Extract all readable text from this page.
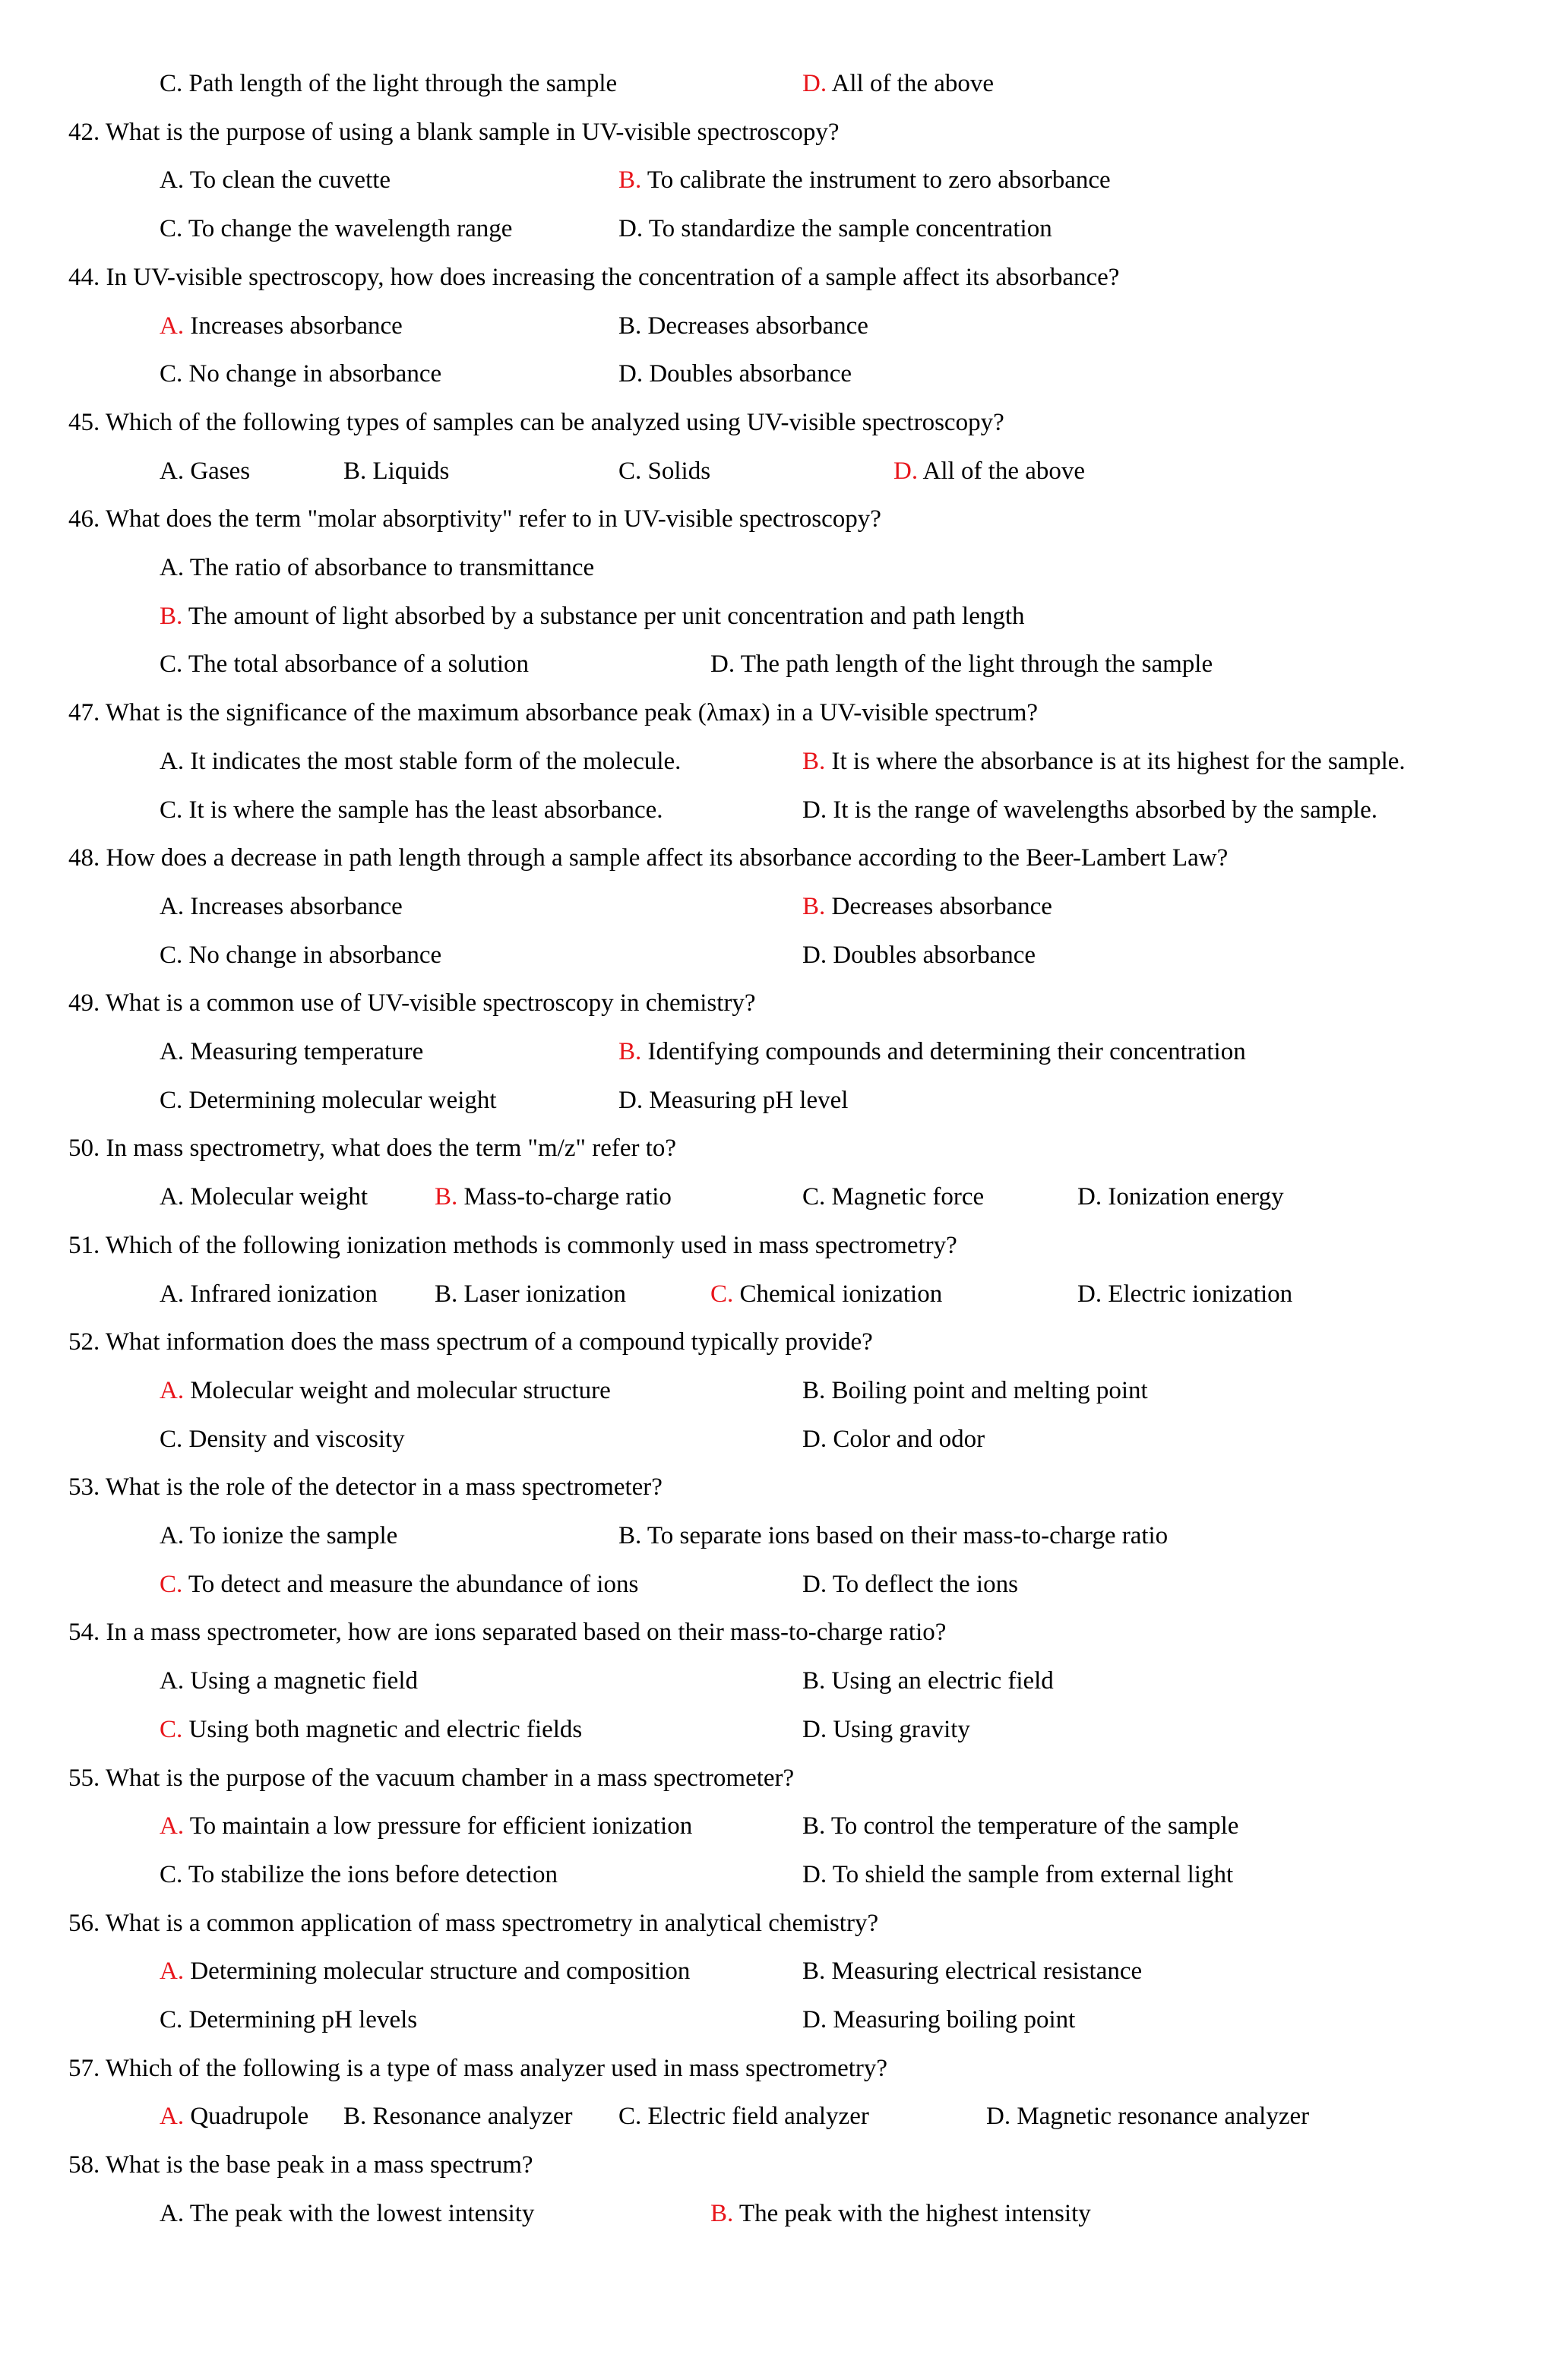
C. Path length of the light through the sample	D. All of the above
42. What is the purpose of using a blank sample in UV-visible spectroscopy?
A. To clean the cuvette	B. To calibrate the instrument to zero absorbance
C. To change the wavelength range	D. To standardize the sample concentration
44. In UV-visible spectroscopy, how does increasing the concentration of a sample affect its absorbance?
A. Increases absorbance	B. Decreases absorbance
C. No change in absorbance	D. Doubles absorbance
45. Which of the following types of samples can be analyzed using UV-visible spectroscopy?
A. Gases	B. Liquids	C. Solids	D. All of the above
46. What does the term "molar absorptivity" refer to in UV-visible spectroscopy?
A. The ratio of absorbance to transmittance
B. The amount of light absorbed by a substance per unit concentration and path length
C. The total absorbance of a solution	D. The path length of the light through the sample
47. What is the significance of the maximum absorbance peak (λmax) in a UV-visible spectrum?
A. It indicates the most stable form of the molecule.	B. It is where the absorbance is at its highest for the sample.
C. It is where the sample has the least absorbance.	D. It is the range of wavelengths absorbed by the sample.
48. How does a decrease in path length through a sample affect its absorbance according to the Beer-Lambert Law?
A. Increases absorbance	B. Decreases absorbance
C. No change in absorbance	D. Doubles absorbance
49. What is a common use of UV-visible spectroscopy in chemistry?
A. Measuring temperature	B. Identifying compounds and determining their concentration
C. Determining molecular weight	D. Measuring pH level
50. In mass spectrometry, what does the term "m/z" refer to?
A. Molecular weight	B. Mass-to-charge ratio	C. Magnetic force	D. Ionization energy
51. Which of the following ionization methods is commonly used in mass spectrometry?
A. Infrared ionization B. Laser ionization	C. Chemical ionization	D. Electric ionization
52. What information does the mass spectrum of a compound typically provide?
A. Molecular weight and molecular structure	B. Boiling point and melting point
C. Density and viscosity	D. Color and odor
53. What is the role of the detector in a mass spectrometer?
A. To ionize the sample	B. To separate ions based on their mass-to-charge ratio
C. To detect and measure the abundance of ions	D. To deflect the ions
54. In a mass spectrometer, how are ions separated based on their mass-to-charge ratio?
A. Using a magnetic field	B. Using an electric field
C. Using both magnetic and electric fields	D. Using gravity
55. What is the purpose of the vacuum chamber in a mass spectrometer?
A. To maintain a low pressure for efficient ionization	B. To control the temperature of the sample
C. To stabilize the ions before detection	D. To shield the sample from external light
56. What is a common application of mass spectrometry in analytical chemistry?
A. Determining molecular structure and composition	B. Measuring electrical resistance
C. Determining pH levels	D. Measuring boiling point
57. Which of the following is a type of mass analyzer used in mass spectrometry?
A. Quadrupole B. Resonance analyzer C. Electric field analyzer	D. Magnetic resonance analyzer
58. What is the base peak in a mass spectrum?
A. The peak with the lowest intensity	B. The peak with the highest intensity
